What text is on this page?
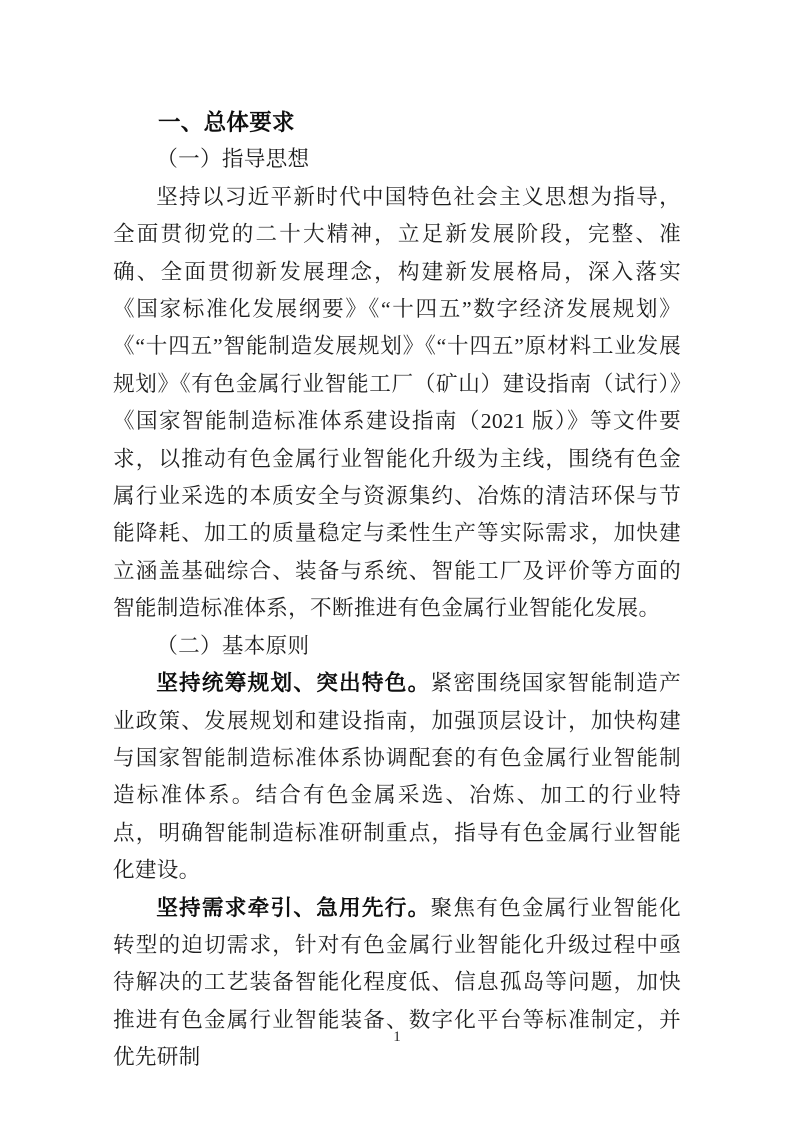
一、总体要求
（一）指导思想

坚持以习近平新时代中国特色社会主义思想为指导，全面贯彻党的二十大精神，立足新发展阶段，完整、准确、全面贯彻新发展理念，构建新发展格局，深入落实《国家标准化发展纲要》《“十四五”数字经济发展规划》《“十四五”智能制造发展规划》《“十四五”原材料工业发展规划》《有色金属行业智能工厂（矿山）建设指南（试行）》《国家智能制造标准体系建设指南（2021 版）》等文件要求，以推动有色金属行业智能化升级为主线，围绕有色金属行业采选的本质安全与资源集约、冶炼的清洁环保与节能降耗、加工的质量稳定与柔性生产等实际需求，加快建立涵盖基础综合、装备与系统、智能工厂及评价等方面的智能制造标准体系，不断推进有色金属行业智能化发展。

（二）基本原则

坚持统筹规划、突出特色。紧密围绕国家智能制造产业政策、发展规划和建设指南，加强顶层设计，加快构建与国家智能制造标准体系协调配套的有色金属行业智能制造标准体系。结合有色金属采选、冶炼、加工的行业特点，明确智能制造标准研制重点，指导有色金属行业智能化建设。

坚持需求牵引、急用先行。聚焦有色金属行业智能化转型的迫切需求，针对有色金属行业智能化升级过程中亟待解决的工艺装备智能化程度低、信息孤岛等问题，加快推进有色金属行业智能装备、数字化平台等标准制定，并优先研制

1
